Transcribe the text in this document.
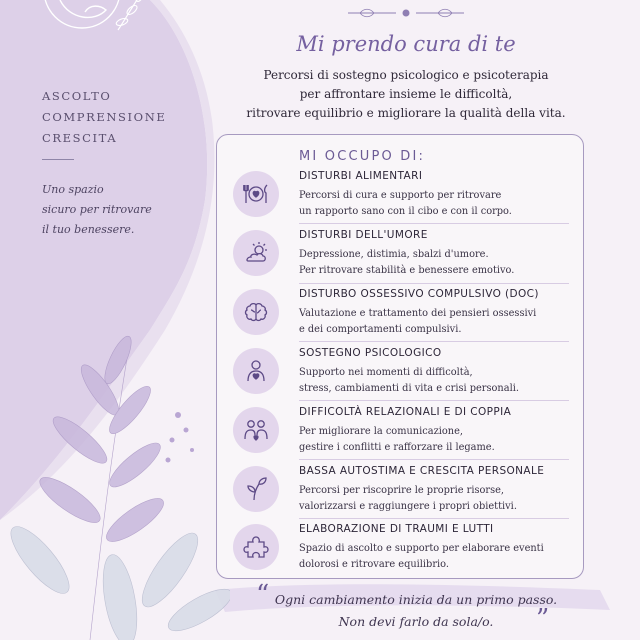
ASCOLTO
COMPRENSIONE
CRESCITA
Uno spazio
sicuro per ritrovare
il tuo benessere.
Mi prendo cura di te
Percorsi di sostegno psicologico e psicoterapia
per affrontare insieme le difficoltà,
ritrovare equilibrio e migliorare la qualità della vita.
MI OCCUPO DI:
DISTURBI ALIMENTARI
Percorsi di cura e supporto per ritrovare
un rapporto sano con il cibo e con il corpo.
DISTURBI DELL'UMORE
Depressione, distimia, sbalzi d'umore.
Per ritrovare stabilità e benessere emotivo.
DISTURBO OSSESSIVO COMPULSIVO (DOC)
Valutazione e trattamento dei pensieri ossessivi
e dei comportamenti compulsivi.
SOSTEGNO PSICOLOGICO
Supporto nei momenti di difficoltà,
stress, cambiamenti di vita e crisi personali.
DIFFICOLTÀ RELAZIONALI E DI COPPIA
Per migliorare la comunicazione,
gestire i conflitti e rafforzare il legame.
BASSA AUTOSTIMA E CRESCITA PERSONALE
Percorsi per riscoprire le proprie risorse,
valorizzarsi e raggiungere i propri obiettivi.
ELABORAZIONE DI TRAUMI E LUTTI
Spazio di ascolto e supporto per elaborare eventi
dolorosi e ritrovare equilibrio.
“ Ogni cambiamento inizia da un primo passo.
Non devi farlo da sola/o.	”
